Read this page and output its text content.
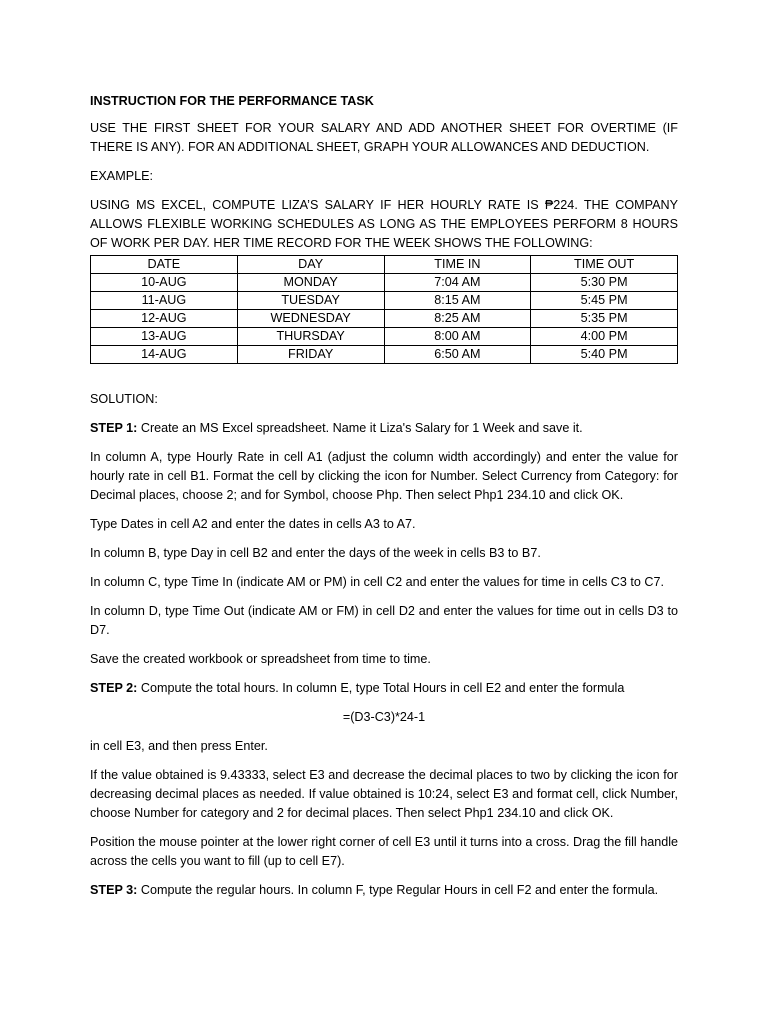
INSTRUCTION FOR THE PERFORMANCE TASK

USE THE FIRST SHEET FOR YOUR SALARY AND ADD ANOTHER SHEET FOR OVERTIME (IF THERE IS ANY). FOR AN ADDITIONAL SHEET, GRAPH YOUR ALLOWANCES AND DEDUCTION.

EXAMPLE:

USING MS EXCEL, COMPUTE LIZA’S SALARY IF HER HOURLY RATE IS ₱224. THE COMPANY ALLOWS FLEXIBLE WORKING SCHEDULES AS LONG AS THE EMPLOYEES PERFORM 8 HOURS OF WORK PER DAY. HER TIME RECORD FOR THE WEEK SHOWS THE FOLLOWING:

DATE	DAY	TIME IN	TIME OUT
10-AUG	MONDAY	7:04 AM	5:30 PM
11-AUG	TUESDAY	8:15 AM	5:45 PM
12-AUG	WEDNESDAY	8:25 AM	5:35 PM
13-AUG	THURSDAY	8:00 AM	4:00 PM
14-AUG	FRIDAY	6:50 AM	5:40 PM

SOLUTION:

STEP 1: Create an MS Excel spreadsheet. Name it Liza's Salary for 1 Week and save it.

In column A, type Hourly Rate in cell A1 (adjust the column width accordingly) and enter the value for hourly rate in cell B1. Format the cell by clicking the icon for Number. Select Currency from Category: for Decimal places, choose 2; and for Symbol, choose Php. Then select Php1 234.10 and click OK.

Type Dates in cell A2 and enter the dates in cells A3 to A7.

In column B, type Day in cell B2 and enter the days of the week in cells B3 to B7.

In column C, type Time In (indicate AM or PM) in cell C2 and enter the values for time in cells C3 to C7.

In column D, type Time Out (indicate AM or FM) in cell D2 and enter the values for time out in cells D3 to D7.

Save the created workbook or spreadsheet from time to time.

STEP 2: Compute the total hours. In column E, type Total Hours in cell E2 and enter the formula

=(D3-C3)*24-1

in cell E3, and then press Enter.

If the value obtained is 9.43333, select E3 and decrease the decimal places to two by clicking the icon for decreasing decimal places as needed. If value obtained is 10:24, select E3 and format cell, click Number, choose Number for category and 2 for decimal places. Then select Php1 234.10 and click OK.

Position the mouse pointer at the lower right corner of cell E3 until it turns into a cross. Drag the fill handle across the cells you want to fill (up to cell E7).

STEP 3: Compute the regular hours. In column F, type Regular Hours in cell F2 and enter the formula.
